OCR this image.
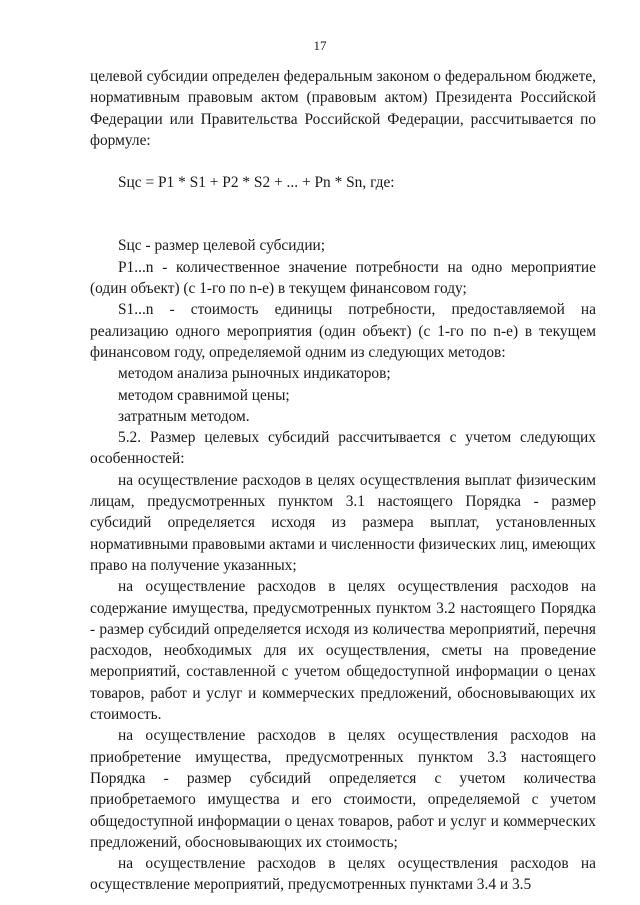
17

целевой субсидии определен федеральным законом о федеральном бюджете, нормативным правовым актом (правовым актом) Президента Российской Федерации или Правительства Российской Федерации, рассчитывается по формуле:

Sцс = P1 * S1 + P2 * S2 + ... + Pn * Sn, где:

Sцс - размер целевой субсидии;

P1...n - количественное значение потребности на одно мероприятие (один объект) (с 1-го по n-е) в текущем финансовом году;

S1...n - стоимость единицы потребности, предоставляемой на реализацию одного мероприятия (один объект) (с 1-го по n-е) в текущем финансовом году, определяемой одним из следующих методов:

методом анализа рыночных индикаторов;

методом сравнимой цены;

затратным методом.

5.2. Размер целевых субсидий рассчитывается с учетом следующих особенностей:

на осуществление расходов в целях осуществления выплат физическим лицам, предусмотренных пунктом 3.1 настоящего Порядка - размер субсидий определяется исходя из размера выплат, установленных нормативными правовыми актами и численности физических лиц, имеющих право на получение указанных;

на осуществление расходов в целях осуществления расходов на содержание имущества, предусмотренных пунктом 3.2 настоящего Порядка - размер субсидий определяется исходя из количества мероприятий, перечня расходов, необходимых для их осуществления, сметы на проведение мероприятий, составленной с учетом общедоступной информации о ценах товаров, работ и услуг и коммерческих предложений, обосновывающих их стоимость.

на осуществление расходов в целях осуществления расходов на приобретение имущества, предусмотренных пунктом 3.3 настоящего Порядка - размер субсидий определяется с учетом количества приобретаемого имущества и его стоимости, определяемой с учетом общедоступной информации о ценах товаров, работ и услуг и коммерческих предложений, обосновывающих их стоимость;

на осуществление расходов в целях осуществления расходов на осуществление мероприятий, предусмотренных пунктами 3.4 и 3.5
